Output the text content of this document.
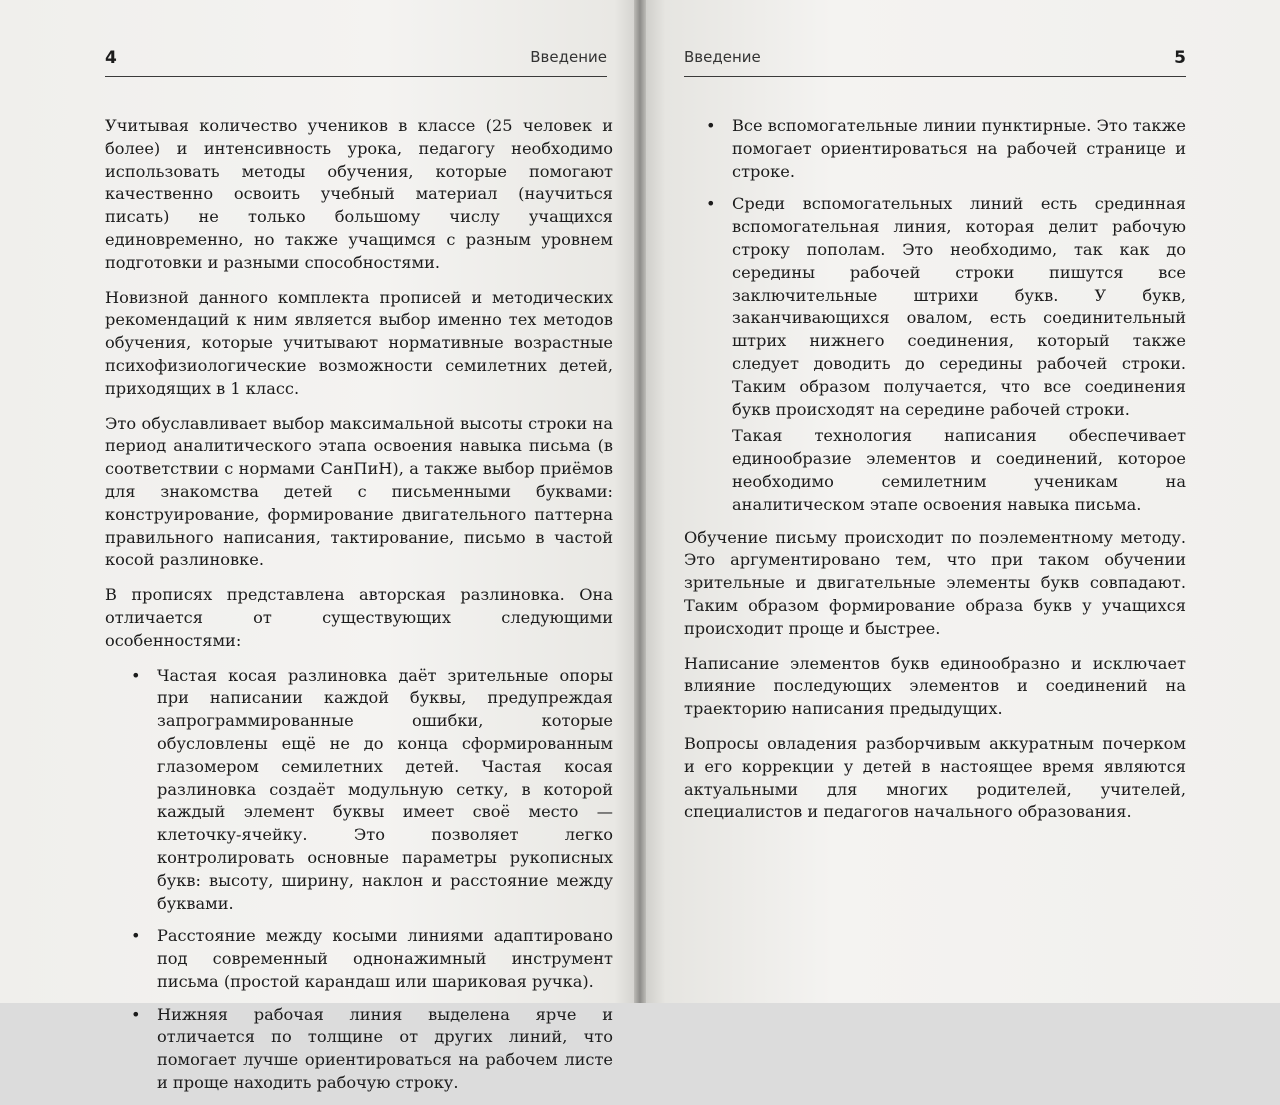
4	Введение

Учитывая количество учеников в классе (25 человек и более) и интенсивность урока, педагогу необходимо использовать методы обучения, которые помогают качественно освоить учебный материал (научиться писать) не только большому числу учащихся единовременно, но также учащимся с разным уровнем подготовки и разными способностями.

Новизной данного комплекта прописей и методических рекомендаций к ним является выбор именно тех методов обучения, которые учитывают нормативные возрастные психофизиологические возможности семилетних детей, приходящих в 1 класс.

Это обуславливает выбор максимальной высоты строки на период аналитического этапа освоения навыка письма (в соответствии с нормами СанПиН), а также выбор приёмов для знакомства детей с письменными буквами: конструирование, формирование двигательного паттерна правильного написания, тактирование, письмо в частой косой разлиновке.

В прописях представлена авторская разлиновка. Она отличается от существующих следующими особенностями:

• Частая косая разлиновка даёт зрительные опоры при написании каждой буквы, предупреждая запрограммированные ошибки, которые обусловлены ещё не до конца сформированным глазомером семилетних детей. Частая косая разлиновка создаёт модульную сетку, в которой каждый элемент буквы имеет своё место — клеточку-ячейку. Это позволяет легко контролировать основные параметры рукописных букв: высоту, ширину, наклон и расстояние между буквами.
• Расстояние между косыми линиями адаптировано под современный однонажимный инструмент письма (простой карандаш или шариковая ручка).
• Нижняя рабочая линия выделена ярче и отличается по толщине от других линий, что помогает лучше ориентироваться на рабочем листе и проще находить рабочую строку.
Введение	5
• Все вспомогательные линии пунктирные. Это также помогает ориентироваться на рабочей странице и строке.
• Среди вспомогательных линий есть срединная вспомогательная линия, которая делит рабочую строку пополам. Это необходимо, так как до середины рабочей строки пишутся все заключительные штрихи букв. У букв, заканчивающихся овалом, есть соединительный штрих нижнего соединения, который также следует доводить до середины рабочей строки. Таким образом получается, что все соединения букв происходят на середине рабочей строки.

Такая технология написания обеспечивает единообразие элементов и соединений, которое необходимо семилетним ученикам на аналитическом этапе освоения навыка письма.

Обучение письму происходит по поэлементному методу. Это аргументировано тем, что при таком обучении зрительные и двигательные элементы букв совпадают. Таким образом формирование образа букв у учащихся происходит проще и быстрее.

Написание элементов букв единообразно и исключает влияние последующих элементов и соединений на траекторию написания предыдущих.

Вопросы овладения разборчивым аккуратным почерком и его коррекции у детей в настоящее время являются актуальными для многих родителей, учителей, специалистов и педагогов начального образования.
